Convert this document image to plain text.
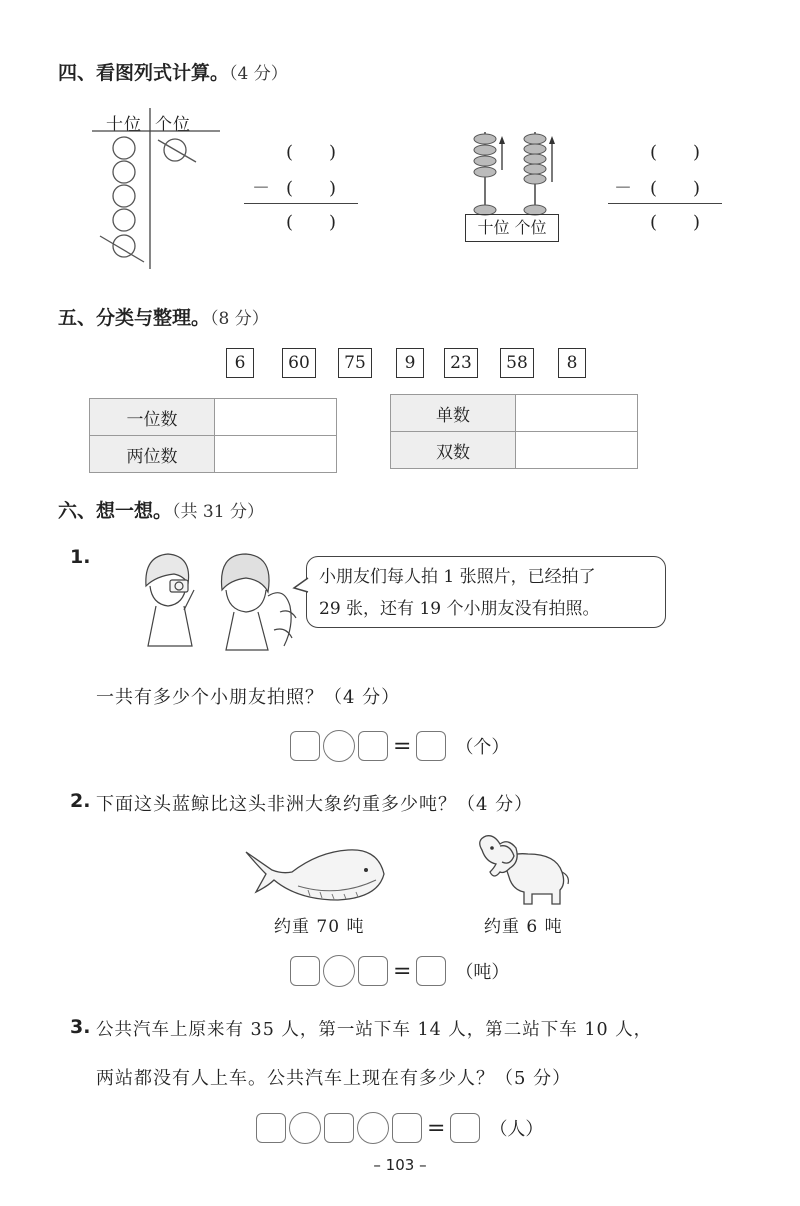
四、看图列式计算。（4 分）
十位 个位
(　　)
－ (　　)
(　　)	十位 个位
(　　)
－ (　　)
(　　)
五、分类与整理。（8 分）
6	60	75	9	23	58	8
一位数	
两位数	
单数	
双数	
六、想一想。（共 31 分）
1.
小朋友们每人拍 1 张照片，已经拍了
29 张，还有 19 个小朋友没有拍照。
一共有多少个小朋友拍照？（4 分）
= （个）
2. 下面这头蓝鲸比这头非洲大象约重多少吨？（4 分）
约重 70 吨	约重 6 吨
= （吨）
3. 公共汽车上原来有 35 人，第一站下车 14 人，第二站下车 10 人，
两站都没有人上车。公共汽车上现在有多少人？（5 分）
= （人）
– 103 –
